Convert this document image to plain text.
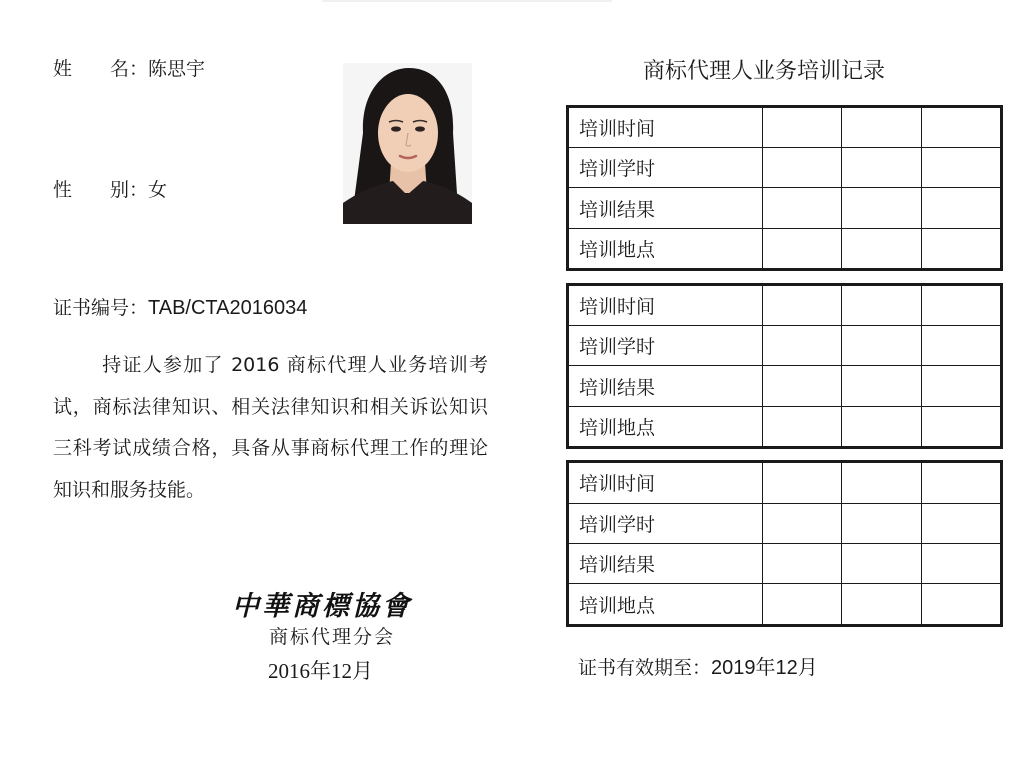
姓　　名：陈思宇
性　　别：女
证书编号：TAB/CTA2016034
持证人参加了 2016 商标代理人业务培训考试，商标法律知识、相关法律知识和相关诉讼知识三科考试成绩合格，具备从事商标代理工作的理论知识和服务技能。
中華商標協會
商标代理分会
2016年12月
商标代理人业务培训记录
培训时间			
培训学时			
培训结果			
培训地点			
培训时间			
培训学时			
培训结果			
培训地点			
培训时间			
培训学时			
培训结果			
培训地点			
证书有效期至：2019年12月
